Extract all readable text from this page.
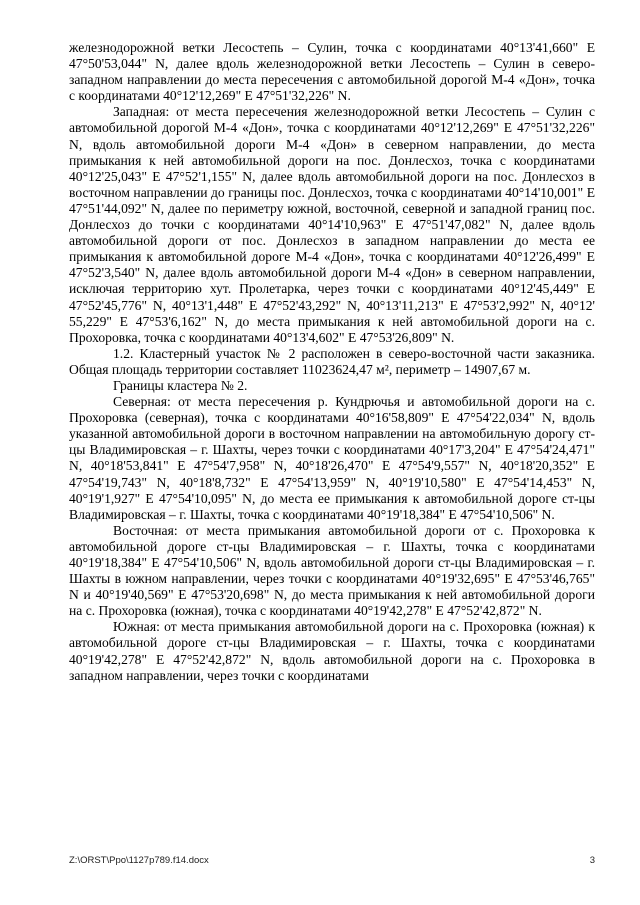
железнодорожной ветки Лесостепь – Сулин, точка с координатами 40°13'41,660" E 47°50'53,044" N, далее вдоль железнодорожной ветки Лесостепь – Сулин в северо-западном направлении до места пересечения с автомобильной дорогой М-4 «Дон», точка с координатами 40°12'12,269" E 47°51'32,226" N.

Западная: от места пересечения железнодорожной ветки Лесостепь – Сулин с автомобильной дорогой М-4 «Дон», точка с координатами 40°12'12,269" E 47°51'32,226" N, вдоль автомобильной дороги М-4 «Дон» в северном направлении, до места примыкания к ней автомобильной дороги на пос. Донлесхоз, точка с координатами 40°12'25,043" E 47°52'1,155" N, далее вдоль автомобильной дороги на пос. Донлесхоз в восточном направлении до границы пос. Донлесхоз, точка с координатами 40°14'10,001" E 47°51'44,092" N, далее по периметру южной, восточной, северной и западной границ пос. Донлесхоз до точки с координатами 40°14'10,963" E 47°51'47,082" N, далее вдоль автомобильной дороги от пос. Донлесхоз в западном направлении до места ее примыкания к автомобильной дороге М-4 «Дон», точка с координатами 40°12'26,499" E 47°52'3,540" N, далее вдоль автомобильной дороги М-4 «Дон» в северном направлении, исключая территорию хут. Пролетарка, через точки с координатами 40°12'45,449" E 47°52'45,776" N, 40°13'1,448" E 47°52'43,292" N, 40°13'11,213" E 47°53'2,992" N, 40°12' 55,229" E 47°53'6,162" N, до места примыкания к ней автомобильной дороги на с. Прохоровка, точка с координатами 40°13'4,602" E 47°53'26,809" N.

1.2. Кластерный участок № 2 расположен в северо-восточной части заказника. Общая площадь территории составляет 11023624,47 м², периметр – 14907,67 м.

Границы кластера № 2.

Северная: от места пересечения р. Кундрючья и автомобильной дороги на с. Прохоровка (северная), точка с координатами 40°16'58,809" E 47°54'22,034" N, вдоль указанной автомобильной дороги в восточном направлении на автомобильную дорогу ст-цы Владимировская – г. Шахты, через точки с координатами 40°17'3,204" E 47°54'24,471" N, 40°18'53,841" E 47°54'7,958" N, 40°18'26,470" E 47°54'9,557" N, 40°18'20,352" E 47°54'19,743" N, 40°18'8,732" E 47°54'13,959" N, 40°19'10,580" E 47°54'14,453" N, 40°19'1,927" E 47°54'10,095" N, до места ее примыкания к автомобильной дороге ст-цы Владимировская – г. Шахты, точка с координатами 40°19'18,384" E 47°54'10,506" N.

Восточная: от места примыкания автомобильной дороги от с. Прохоровка к автомобильной дороге ст-цы Владимировская – г. Шахты, точка с координатами 40°19'18,384" E 47°54'10,506" N, вдоль автомобильной дороги ст-цы Владимировская – г. Шахты в южном направлении, через точки с координатами 40°19'32,695" E 47°53'46,765" N и 40°19'40,569" E 47°53'20,698" N, до места примыкания к ней автомобильной дороги на с. Прохоровка (южная), точка с координатами 40°19'42,278" E 47°52'42,872" N.

Южная: от места примыкания автомобильной дороги на с. Прохоровка (южная) к автомобильной дороге ст-цы Владимировская – г. Шахты, точка с координатами 40°19'42,278" E 47°52'42,872" N, вдоль автомобильной дороги на с. Прохоровка в западном направлении, через точки с координатами

Z:\ORST\Ppo\1127p789.f14.docx	3
